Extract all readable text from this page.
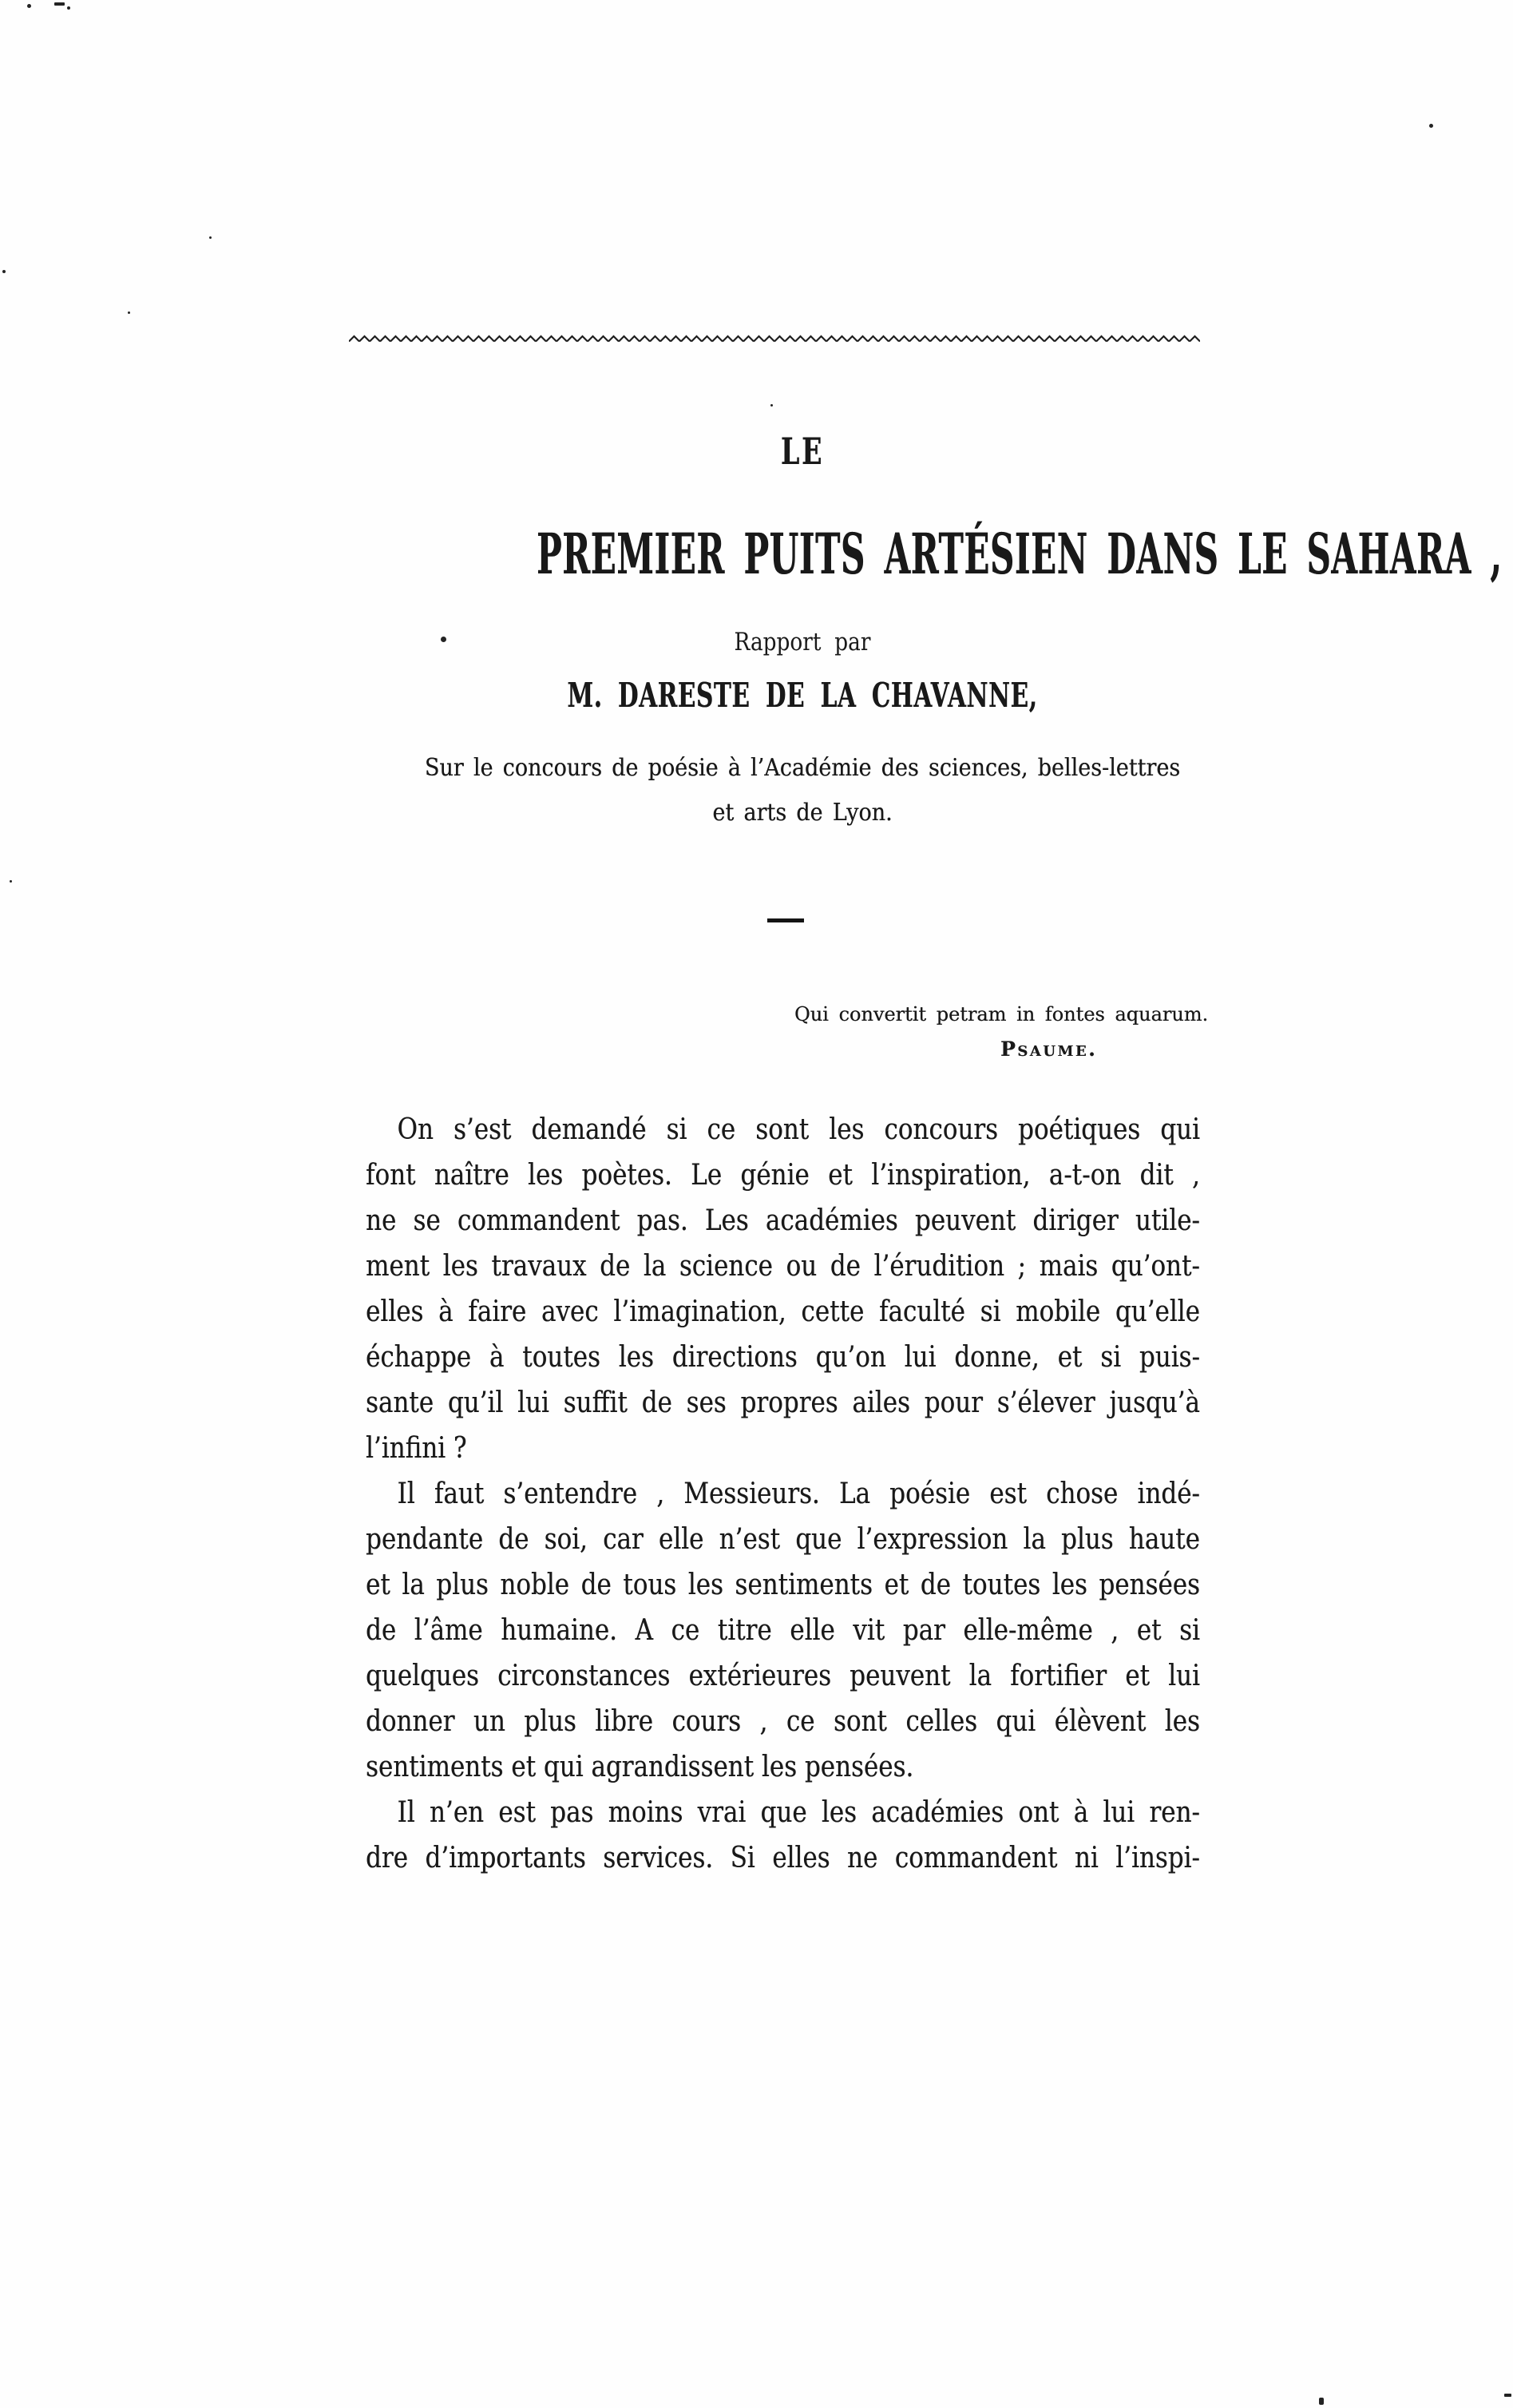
LE
PREMIER PUITS ARTÉSIEN DANS LE SAHARA ,
Rapport par
M. DARESTE DE LA CHAVANNE,
Sur le concours de poésie à l’Académie des sciences, belles-lettres
et arts de Lyon.
Qui convertit petram in fontes aquarum.
Psaume.
On s’est demandé si ce sont les concours poétiques qui
font naître les poètes. Le génie et l’inspiration, a-t-on dit ,
ne se commandent pas. Les académies peuvent diriger utile-
ment les travaux de la science ou de l’érudition ; mais qu’ont-
elles à faire avec l’imagination, cette faculté si mobile qu’elle
échappe à toutes les directions qu’on lui donne, et si puis-
sante qu’il lui suffit de ses propres ailes pour s’élever jusqu’à
l’infini ?
Il faut s’entendre , Messieurs. La poésie est chose indé-
pendante de soi, car elle n’est que l’expression la plus haute
et la plus noble de tous les sentiments et de toutes les pensées
de l’âme humaine. A ce titre elle vit par elle-même , et si
quelques circonstances extérieures peuvent la fortifier et lui
donner un plus libre cours , ce sont celles qui élèvent les
sentiments et qui agrandissent les pensées.
Il n’en est pas moins vrai que les académies ont à lui ren-
dre d’importants services. Si elles ne commandent ni l’inspi-
